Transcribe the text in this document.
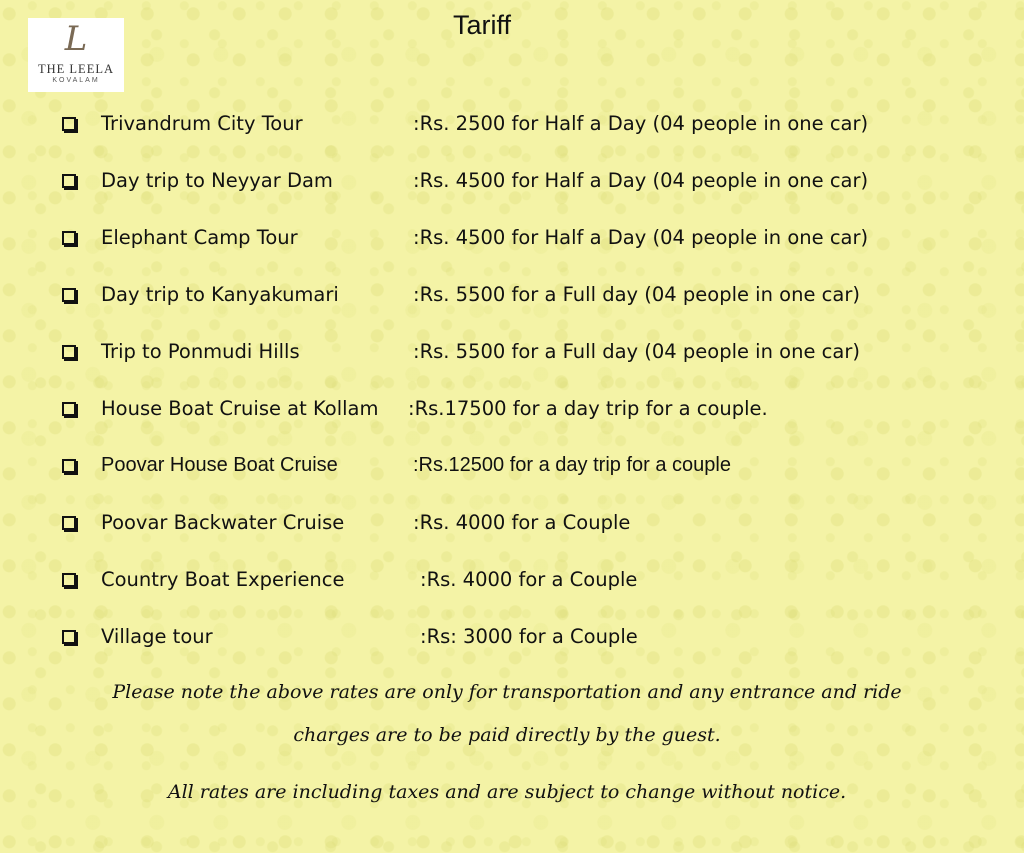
L
THE LEELA
KOVALAM
Tariff
Trivandrum City Tour	:Rs. 2500 for Half a Day (04 people in one car)
Day trip to Neyyar Dam	:Rs. 4500 for Half a Day (04 people in one car)
Elephant Camp Tour	:Rs. 4500 for Half a Day (04 people in one car)
Day trip to Kanyakumari	:Rs. 5500 for a Full day (04 people in one car)
Trip to Ponmudi Hills	:Rs. 5500 for a Full day (04 people in one car)
House Boat Cruise at Kollam :Rs.17500 for a day trip for a couple.
Poovar House Boat Cruise	:Rs.12500 for a day trip for a couple
Poovar Backwater Cruise	:Rs. 4000 for a Couple
Country Boat Experience	:Rs. 4000 for a Couple
Village tour	:Rs: 3000 for a Couple

Please note the above rates are only for transportation and any entrance and ride

charges are to be paid directly by the guest.

All rates are including taxes and are subject to change without notice.
